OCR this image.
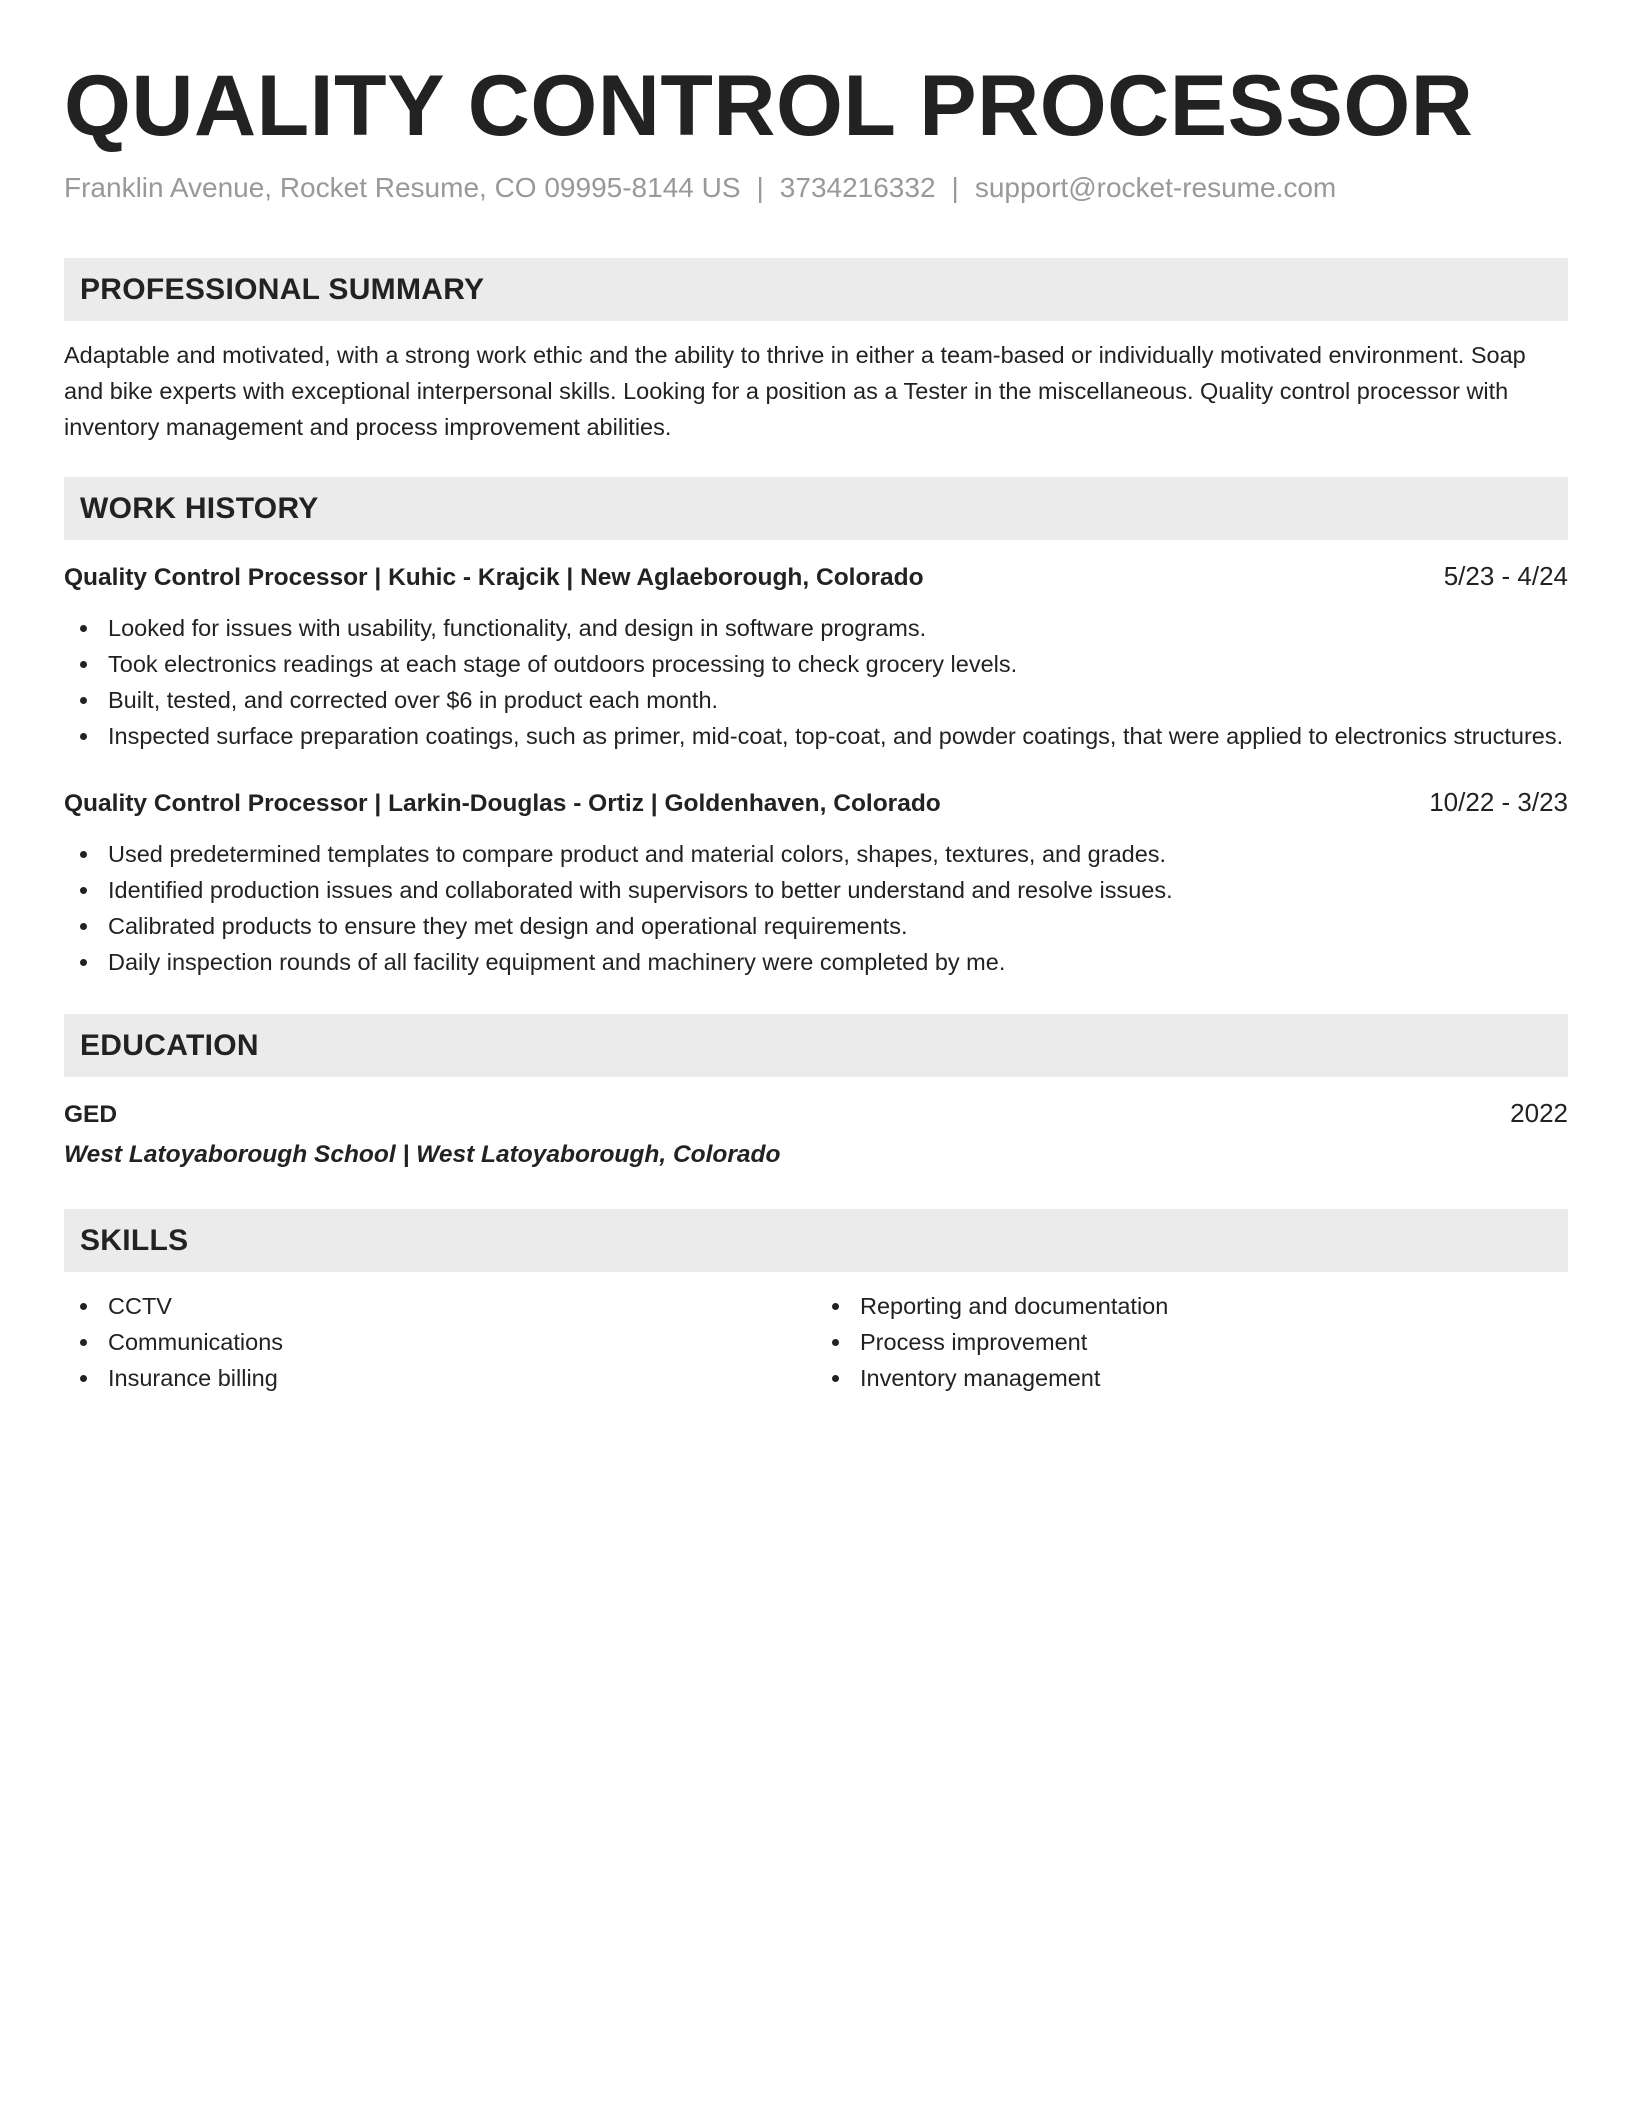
QUALITY CONTROL PROCESSOR
Franklin Avenue, Rocket Resume, CO 09995-8144 US | 3734216332 | support@rocket-resume.com
PROFESSIONAL SUMMARY
Adaptable and motivated, with a strong work ethic and the ability to thrive in either a team-based or individually motivated environment. Soap and bike experts with exceptional interpersonal skills. Looking for a position as a Tester in the miscellaneous. Quality control processor with inventory management and process improvement abilities.
WORK HISTORY
Quality Control Processor | Kuhic - Krajcik | New Aglaeborough, Colorado	5/23 - 4/24
Looked for issues with usability, functionality, and design in software programs.
Took electronics readings at each stage of outdoors processing to check grocery levels.
Built, tested, and corrected over $6 in product each month.
Inspected surface preparation coatings, such as primer, mid-coat, top-coat, and powder coatings, that were applied to electronics structures.
Quality Control Processor | Larkin-Douglas - Ortiz | Goldenhaven, Colorado	10/22 - 3/23
Used predetermined templates to compare product and material colors, shapes, textures, and grades.
Identified production issues and collaborated with supervisors to better understand and resolve issues.
Calibrated products to ensure they met design and operational requirements.
Daily inspection rounds of all facility equipment and machinery were completed by me.
EDUCATION
GED	2022
West Latoyaborough School | West Latoyaborough, Colorado
SKILLS
CCTV
Communications
Insurance billing
Reporting and documentation
Process improvement
Inventory management
